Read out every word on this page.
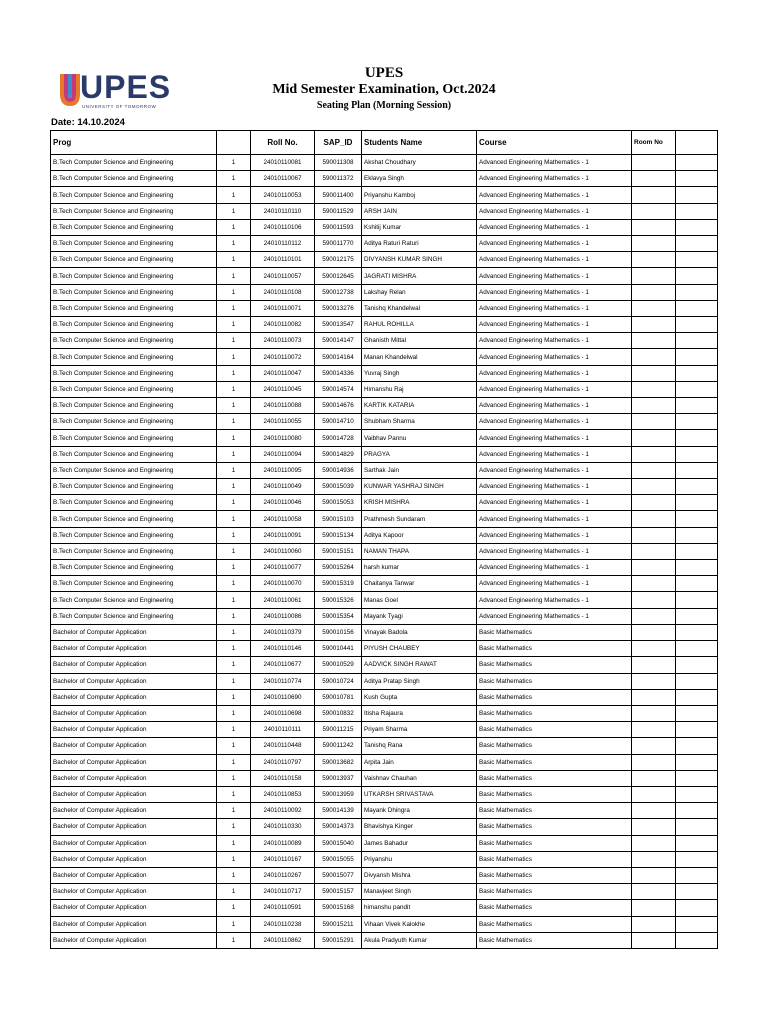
UPES
UNIVERSITY OF TOMORROW
UPES
Mid Semester Examination, Oct.2024
Seating Plan (Morning Session)
Date: 14.10.2024
Prog		Roll No.	SAP_ID	Students Name	Course	Room No	
B.Tech Computer Science and Engineering	1	24010110081	590011308	Akshat Choudhary	Advanced Engineering Mathematics - 1		
B.Tech Computer Science and Engineering	1	24010110067	590011372	Eklavya Singh	Advanced Engineering Mathematics - 1		
B.Tech Computer Science and Engineering	1	24010110053	590011400	Priyanshu Kamboj	Advanced Engineering Mathematics - 1		
B.Tech Computer Science and Engineering	1	24010110110	590011529	ARSH JAIN	Advanced Engineering Mathematics - 1		
B.Tech Computer Science and Engineering	1	24010110106	590011593	Kshitij Kumar	Advanced Engineering Mathematics - 1		
B.Tech Computer Science and Engineering	1	24010110112	590011770	Aditya Raturi Raturi	Advanced Engineering Mathematics - 1		
B.Tech Computer Science and Engineering	1	24010110101	590012175	DIVYANSH KUMAR SINGH	Advanced Engineering Mathematics - 1		
B.Tech Computer Science and Engineering	1	24010110057	590012645	JAGRATI MISHRA	Advanced Engineering Mathematics - 1		
B.Tech Computer Science and Engineering	1	24010110108	590012738	Lakshay Relan	Advanced Engineering Mathematics - 1		
B.Tech Computer Science and Engineering	1	24010110071	590013276	Tanishq Khandelwal	Advanced Engineering Mathematics - 1		
B.Tech Computer Science and Engineering	1	24010110082	590013547	RAHUL ROHILLA	Advanced Engineering Mathematics - 1		
B.Tech Computer Science and Engineering	1	24010110073	590014147	Ghanisth Mittal	Advanced Engineering Mathematics - 1		
B.Tech Computer Science and Engineering	1	24010110072	590014164	Manan Khandelwal	Advanced Engineering Mathematics - 1		
B.Tech Computer Science and Engineering	1	24010110047	590014336	Yuvraj Singh	Advanced Engineering Mathematics - 1		
B.Tech Computer Science and Engineering	1	24010110045	590014574	Himanshu Raj	Advanced Engineering Mathematics - 1		
B.Tech Computer Science and Engineering	1	24010110088	590014676	KARTIK KATARIA	Advanced Engineering Mathematics - 1		
B.Tech Computer Science and Engineering	1	24010110055	590014710	Shubham Sharma	Advanced Engineering Mathematics - 1		
B.Tech Computer Science and Engineering	1	24010110080	590014728	Vaibhav Pannu	Advanced Engineering Mathematics - 1		
B.Tech Computer Science and Engineering	1	24010110094	590014829	PRAGYA	Advanced Engineering Mathematics - 1		
B.Tech Computer Science and Engineering	1	24010110095	590014936	Sarthak Jain	Advanced Engineering Mathematics - 1		
B.Tech Computer Science and Engineering	1	24010110049	590015039	KUNWAR YASHRAJ SINGH	Advanced Engineering Mathematics - 1		
B.Tech Computer Science and Engineering	1	24010110046	590015053	KRISH MISHRA	Advanced Engineering Mathematics - 1		
B.Tech Computer Science and Engineering	1	24010110058	590015103	Prathmesh Sundaram	Advanced Engineering Mathematics - 1		
B.Tech Computer Science and Engineering	1	24010110091	590015134	Aditya Kapoor	Advanced Engineering Mathematics - 1		
B.Tech Computer Science and Engineering	1	24010110060	590015151	NAMAN THAPA	Advanced Engineering Mathematics - 1		
B.Tech Computer Science and Engineering	1	24010110077	590015264	harsh kumar	Advanced Engineering Mathematics - 1		
B.Tech Computer Science and Engineering	1	24010110070	590015319	Chaitanya Tanwar	Advanced Engineering Mathematics - 1		
B.Tech Computer Science and Engineering	1	24010110061	590015326	Manas Goel	Advanced Engineering Mathematics - 1		
B.Tech Computer Science and Engineering	1	24010110086	590015354	Mayank Tyagi	Advanced Engineering Mathematics - 1		
Bachelor of Computer Application	1	24010110379	590010156	Vinayak Badola	Basic Mathematics		
Bachelor of Computer Application	1	24010110146	590010441	PIYUSH CHAUBEY	Basic Mathematics		
Bachelor of Computer Application	1	24010110677	590010529	AADVICK SINGH RAWAT	Basic Mathematics		
Bachelor of Computer Application	1	24010110774	590010724	Aditya Pratap Singh	Basic Mathematics		
Bachelor of Computer Application	1	24010110690	590010781	Kush Gupta	Basic Mathematics		
Bachelor of Computer Application	1	24010110698	590010832	Itisha Rajaura	Basic Mathematics		
Bachelor of Computer Application	1	24010110111	590011215	Priyam Sharma	Basic Mathematics		
Bachelor of Computer Application	1	24010110448	590011242	Tanishq Rana	Basic Mathematics		
Bachelor of Computer Application	1	24010110797	590013682	Arpita Jain	Basic Mathematics		
Bachelor of Computer Application	1	24010110158	590013937	Vaishnav Chauhan	Basic Mathematics		
Bachelor of Computer Application	1	24010110853	590013959	UTKARSH SRIVASTAVA	Basic Mathematics		
Bachelor of Computer Application	1	24010110092	590014139	Mayank Dhingra	Basic Mathematics		
Bachelor of Computer Application	1	24010110330	590014373	Bhavishya Kinger	Basic Mathematics		
Bachelor of Computer Application	1	24010110089	590015040	James Bahadur	Basic Mathematics		
Bachelor of Computer Application	1	24010110167	590015055	Priyanshu	Basic Mathematics		
Bachelor of Computer Application	1	24010110267	590015077	Divyansh Mishra	Basic Mathematics		
Bachelor of Computer Application	1	24010110717	590015157	Manavjeet Singh	Basic Mathematics		
Bachelor of Computer Application	1	24010110591	590015168	himanshu pandit	Basic Mathematics		
Bachelor of Computer Application	1	24010110238	590015211	Vihaan Vivek Kalokhe	Basic Mathematics		
Bachelor of Computer Application	1	24010110862	590015291	Akula Pradyuth Kumar	Basic Mathematics		
